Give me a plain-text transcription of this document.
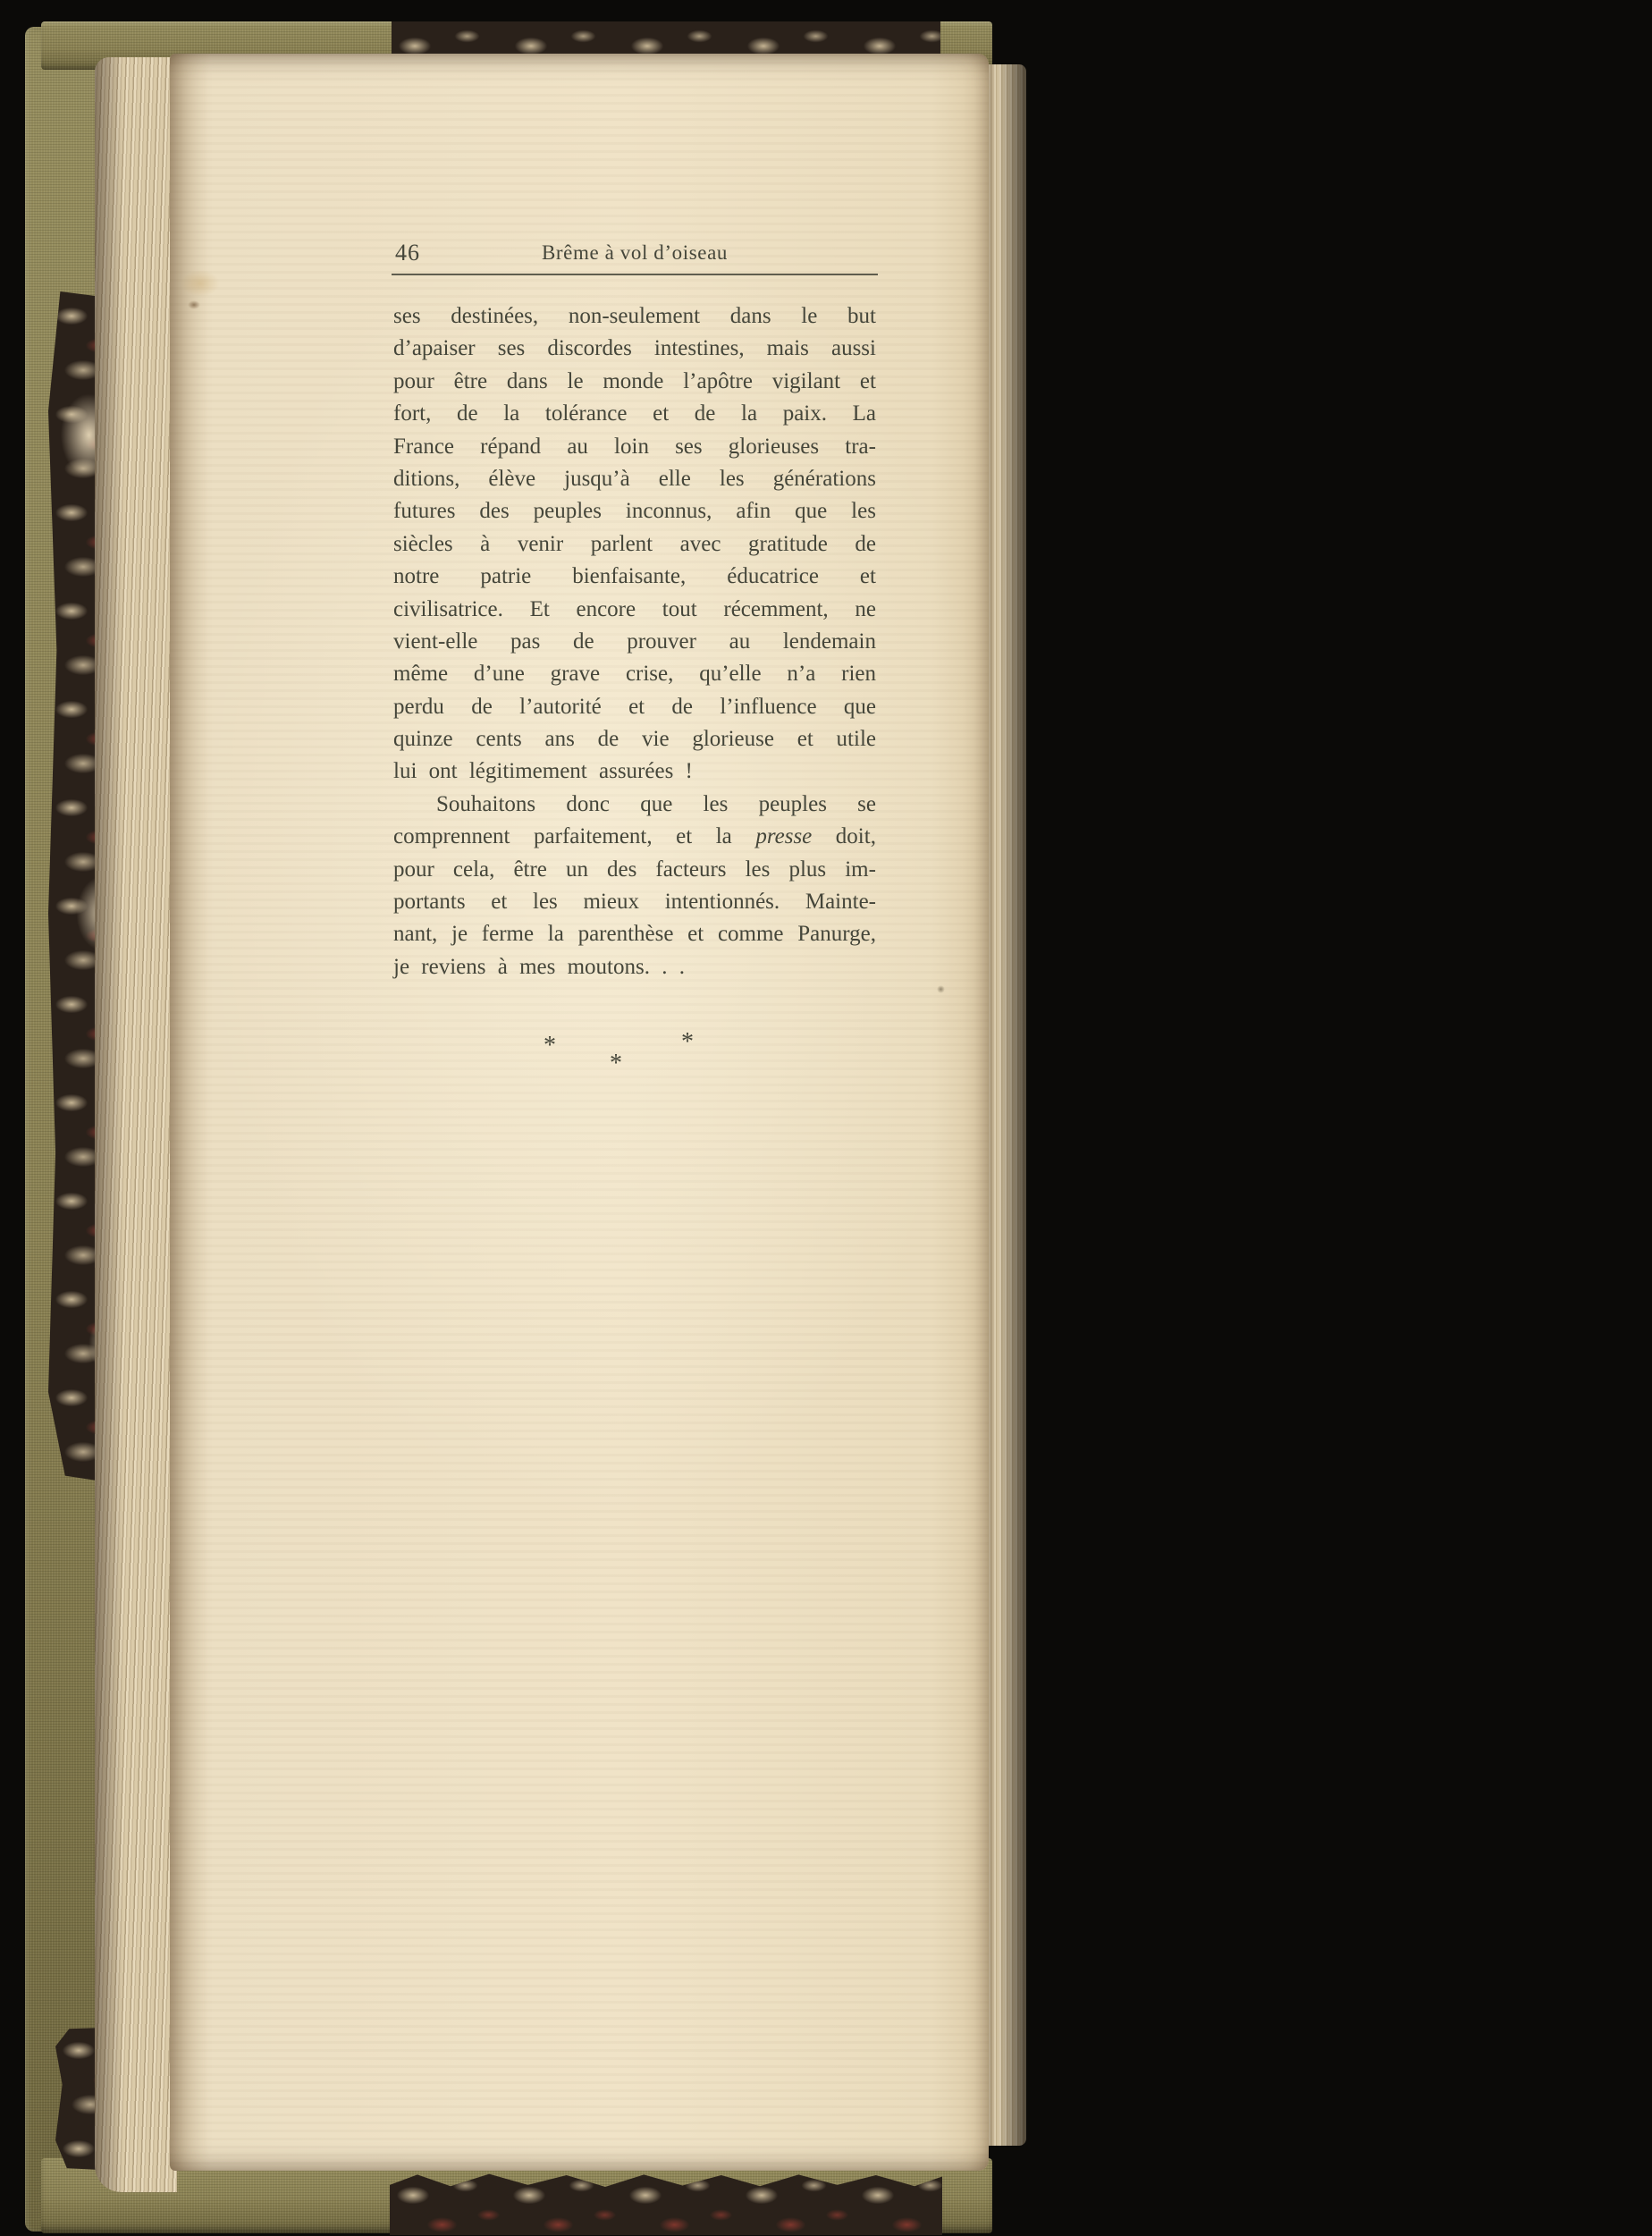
46	Brême à vol d’oiseau
ses destinées, non-seulement dans le but
d’apaiser ses discordes intestines, mais aussi
pour être dans le monde l’apôtre vigilant et
fort, de la tolérance et de la paix. La
France répand au loin ses glorieuses tra-
ditions, élève jusqu’à elle les générations
futures des peuples inconnus, afin que les
siècles à venir parlent avec gratitude de
notre patrie bienfaisante, éducatrice et
civilisatrice. Et encore tout récemment, ne
vient-elle pas de prouver au lendemain
même d’une grave crise, qu’elle n’a rien
perdu de l’autorité et de l’influence que
quinze cents ans de vie glorieuse et utile
lui ont légitimement assurées !
Souhaitons donc que les peuples se
comprennent parfaitement, et la presse doit,
pour cela, être un des facteurs les plus im-
portants et les mieux intentionnés. Mainte-
nant, je ferme la parenthèse et comme Panurge,
je reviens à mes moutons. . .
*	*
*
